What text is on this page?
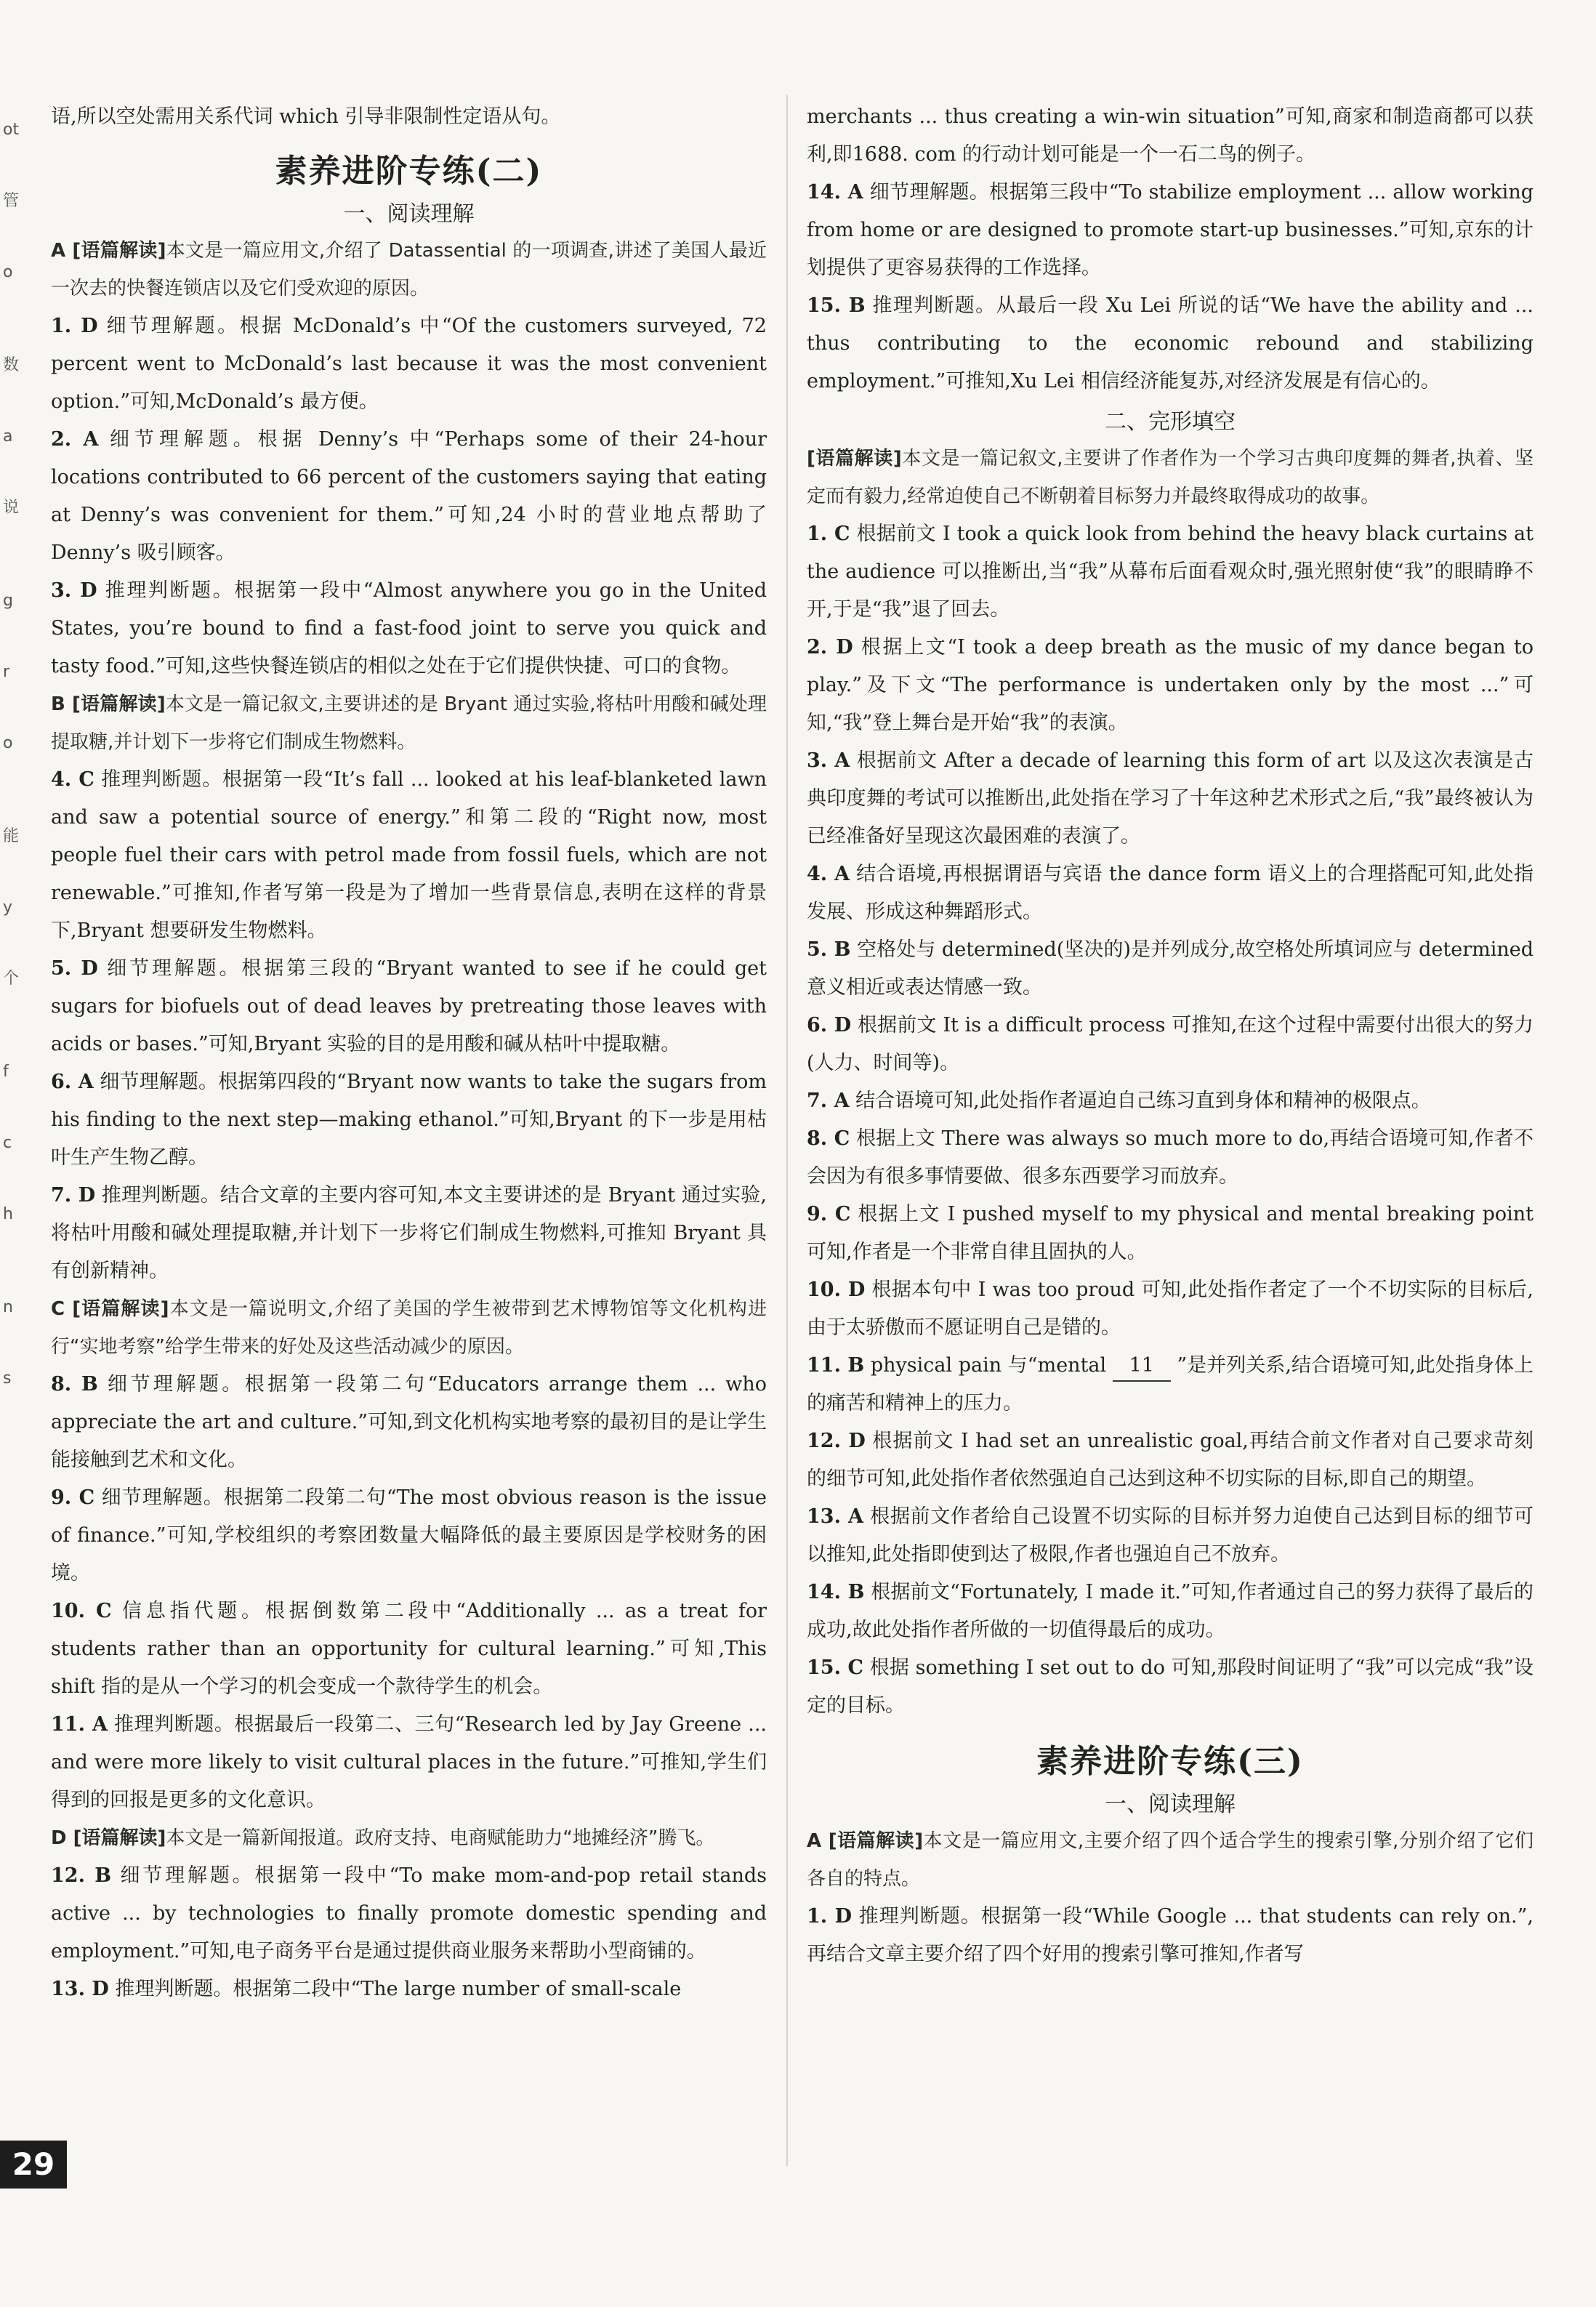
ot
管
o
数
a
说
g
r
o
能
y
个
f
c
h
n
s

语,所以空处需用关系代词 which 引导非限制性定语从句。

素养进阶专练(二)
一、阅读理解

A [语篇解读]本文是一篇应用文,介绍了 Datassential 的一项调查,讲述了美国人最近一次去的快餐连锁店以及它们受欢迎的原因。

1. D 细节理解题。根据 McDonald’s 中“Of the customers surveyed, 72 percent went to McDonald’s last because it was the most convenient option.”可知,McDonald’s 最方便。

2. A 细节理解题。根据 Denny’s 中“Perhaps some of their 24-hour locations contributed to 66 percent of the customers saying that eating at Denny’s was convenient for them.”可知,24 小时的营业地点帮助了 Denny’s 吸引顾客。

3. D 推理判断题。根据第一段中“Almost anywhere you go in the United States, you’re bound to find a fast-food joint to serve you quick and tasty food.”可知,这些快餐连锁店的相似之处在于它们提供快捷、可口的食物。

B [语篇解读]本文是一篇记叙文,主要讲述的是 Bryant 通过实验,将枯叶用酸和碱处理提取糖,并计划下一步将它们制成生物燃料。

4. C 推理判断题。根据第一段“It’s fall ... looked at his leaf-blanketed lawn and saw a potential source of energy.”和第二段的“Right now, most people fuel their cars with petrol made from fossil fuels, which are not renewable.”可推知,作者写第一段是为了增加一些背景信息,表明在这样的背景下,Bryant 想要研发生物燃料。

5. D 细节理解题。根据第三段的“Bryant wanted to see if he could get sugars for biofuels out of dead leaves by pretreating those leaves with acids or bases.”可知,Bryant 实验的目的是用酸和碱从枯叶中提取糖。

6. A 细节理解题。根据第四段的“Bryant now wants to take the sugars from his finding to the next step—making ethanol.”可知,Bryant 的下一步是用枯叶生产生物乙醇。

7. D 推理判断题。结合文章的主要内容可知,本文主要讲述的是 Bryant 通过实验,将枯叶用酸和碱处理提取糖,并计划下一步将它们制成生物燃料,可推知 Bryant 具有创新精神。

C [语篇解读]本文是一篇说明文,介绍了美国的学生被带到艺术博物馆等文化机构进行“实地考察”给学生带来的好处及这些活动减少的原因。

8. B 细节理解题。根据第一段第二句“Educators arrange them ... who appreciate the art and culture.”可知,到文化机构实地考察的最初目的是让学生能接触到艺术和文化。

9. C 细节理解题。根据第二段第二句“The most obvious reason is the issue of finance.”可知,学校组织的考察团数量大幅降低的最主要原因是学校财务的困境。

10. C 信息指代题。根据倒数第二段中“Additionally ... as a treat for students rather than an opportunity for cultural learning.”可知,This shift 指的是从一个学习的机会变成一个款待学生的机会。

11. A 推理判断题。根据最后一段第二、三句“Research led by Jay Greene ... and were more likely to visit cultural places in the future.”可推知,学生们得到的回报是更多的文化意识。

D [语篇解读]本文是一篇新闻报道。政府支持、电商赋能助力“地摊经济”腾飞。

12. B 细节理解题。根据第一段中“To make mom-and-pop retail stands active ... by technologies to finally promote domestic spending and employment.”可知,电子商务平台是通过提供商业服务来帮助小型商铺的。

13. D 推理判断题。根据第二段中“The large number of small-scale

merchants ... thus creating a win-win situation”可知,商家和制造商都可以获利,即1688. com 的行动计划可能是一个一石二鸟的例子。

14. A 细节理解题。根据第三段中“To stabilize employment ... allow working from home or are designed to promote start-up businesses.”可知,京东的计划提供了更容易获得的工作选择。

15. B 推理判断题。从最后一段 Xu Lei 所说的话“We have the ability and ... thus contributing to the economic rebound and stabilizing employment.”可推知,Xu Lei 相信经济能复苏,对经济发展是有信心的。

二、完形填空

[语篇解读]本文是一篇记叙文,主要讲了作者作为一个学习古典印度舞的舞者,执着、坚定而有毅力,经常迫使自己不断朝着目标努力并最终取得成功的故事。

1. C 根据前文 I took a quick look from behind the heavy black curtains at the audience 可以推断出,当“我”从幕布后面看观众时,强光照射使“我”的眼睛睁不开,于是“我”退了回去。

2. D 根据上文“I took a deep breath as the music of my dance began to play.”及下文“The performance is undertaken only by the most ...”可知,“我”登上舞台是开始“我”的表演。

3. A 根据前文 After a decade of learning this form of art 以及这次表演是古典印度舞的考试可以推断出,此处指在学习了十年这种艺术形式之后,“我”最终被认为已经准备好呈现这次最困难的表演了。

4. A 结合语境,再根据谓语与宾语 the dance form 语义上的合理搭配可知,此处指发展、形成这种舞蹈形式。

5. B 空格处与 determined(坚决的)是并列成分,故空格处所填词应与 determined 意义相近或表达情感一致。

6. D 根据前文 It is a difficult process 可推知,在这个过程中需要付出很大的努力(人力、时间等)。

7. A 结合语境可知,此处指作者逼迫自己练习直到身体和精神的极限点。

8. C 根据上文 There was always so much more to do,再结合语境可知,作者不会因为有很多事情要做、很多东西要学习而放弃。

9. C 根据上文 I pushed myself to my physical and mental breaking point 可知,作者是一个非常自律且固执的人。

10. D 根据本句中 I was too proud 可知,此处指作者定了一个不切实际的目标后,由于太骄傲而不愿证明自己是错的。

11. B physical pain 与“mental 11 ”是并列关系,结合语境可知,此处指身体上的痛苦和精神上的压力。

12. D 根据前文 I had set an unrealistic goal,再结合前文作者对自己要求苛刻的细节可知,此处指作者依然强迫自己达到这种不切实际的目标,即自己的期望。

13. A 根据前文作者给自己设置不切实际的目标并努力迫使自己达到目标的细节可以推知,此处指即使到达了极限,作者也强迫自己不放弃。

14. B 根据前文“Fortunately, I made it.”可知,作者通过自己的努力获得了最后的成功,故此处指作者所做的一切值得最后的成功。

15. C 根据 something I set out to do 可知,那段时间证明了“我”可以完成“我”设定的目标。

素养进阶专练(三)
一、阅读理解

A [语篇解读]本文是一篇应用文,主要介绍了四个适合学生的搜索引擎,分别介绍了它们各自的特点。

1. D 推理判断题。根据第一段“While Google ... that students can rely on.”,再结合文章主要介绍了四个好用的搜索引擎可推知,作者写

29
